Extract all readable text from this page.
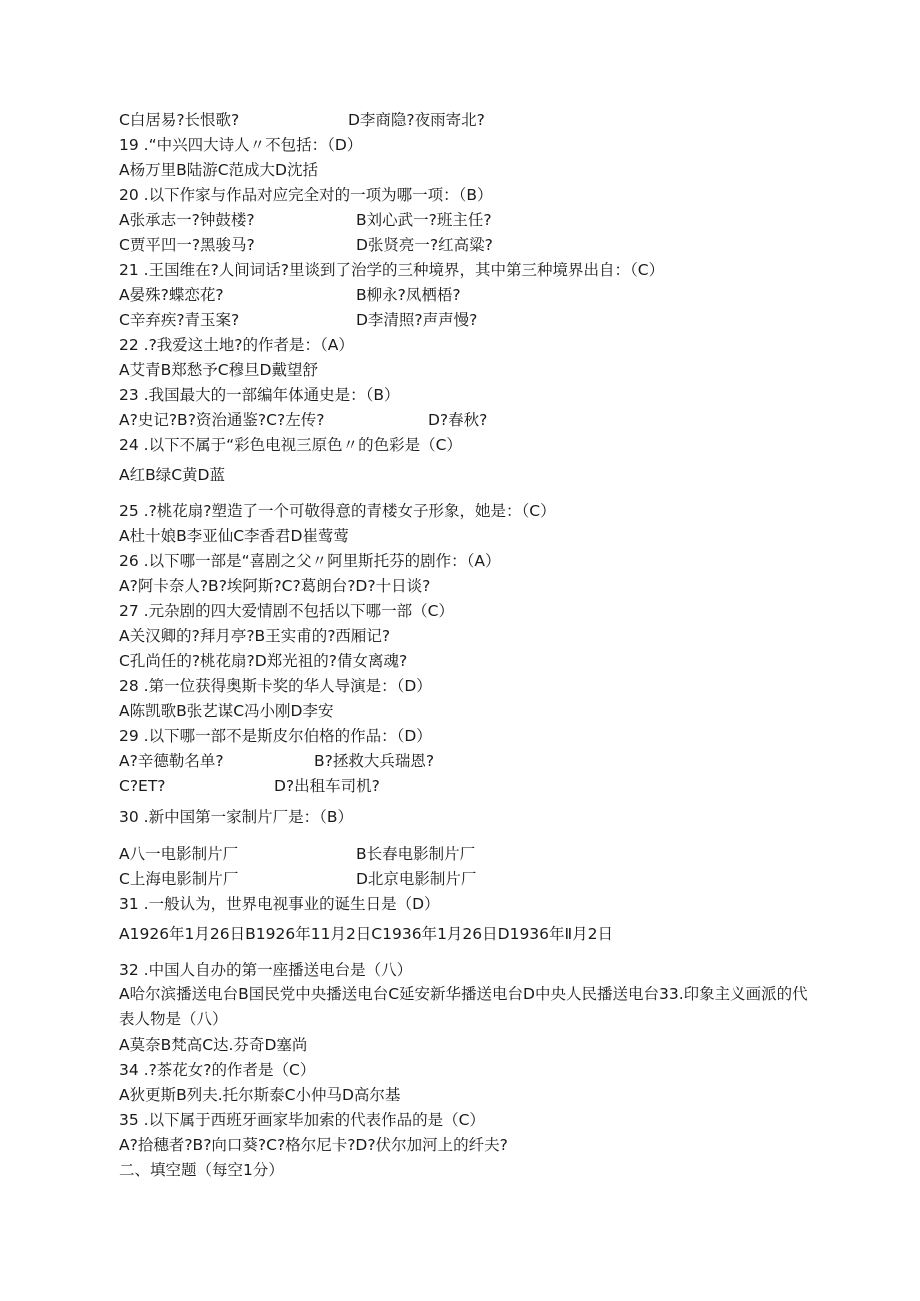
C白居易?长恨歌?	D李商隐?夜雨寄北?
19 .“中兴四大诗人〃不包括：（D）
A杨万里B陆游C范成大D沈括
20 .以下作家与作品对应完全对的一项为哪一项：（B）
A张承志一?钟鼓楼?	B刘心武一?班主任?
C贾平凹一?黑骏马?	D张贤亮一?红高粱?
21 .王国维在?人间词话?里谈到了治学的三种境界，其中第三种境界出自：（C）
A晏殊?蝶恋花?	B柳永?凤栖梧?
C辛弃疾?青玉案?	D李清照?声声慢?
22 .?我爱这土地?的作者是：（A）
A艾青B郑愁予C穆旦D戴望舒
23 .我国最大的一部编年体通史是：（B）
A?史记?B?资治通鉴?C?左传?	D?春秋?
24 .以下不属于“彩色电视三原色〃的色彩是（C）
A红B绿C黄D蓝
25 .?桃花扇?塑造了一个可敬得意的青楼女子形象，她是：（C）
A杜十娘B李亚仙C李香君D崔莺莺
26 .以下哪一部是“喜剧之父〃阿里斯托芬的剧作：（A）
A?阿卡奈人?B?埃阿斯?C?葛朗台?D?十日谈?
27 .元杂剧的四大爱情剧不包括以下哪一部（C）
A关汉卿的?拜月亭?B王实甫的?西厢记?
C孔尚任的?桃花扇?D郑光祖的?倩女离魂?
28 .第一位获得奥斯卡奖的华人导演是：（D）
A陈凯歌B张艺谋C冯小刚D李安
29 .以下哪一部不是斯皮尔伯格的作品：（D）
A?辛德勒名单?	B?拯救大兵瑞恩?
C?ET?	D?出租车司机?
30 .新中国第一家制片厂是：（B）
A八一电影制片厂	B长春电影制片厂
C上海电影制片厂	D北京电影制片厂
31 .一般认为，世界电视事业的诞生日是（D）
A1926年1月26日B1926年11月2日C1936年1月26日D1936年Ⅱ月2日
32 .中国人自办的第一座播送电台是（八）
A哈尔滨播送电台B国民党中央播送电台C延安新华播送电台D中央人民播送电台33.印象主义画派的代表人物是（八）
A莫奈B梵高C达.芬奇D塞尚
34 .?茶花女?的作者是（C）
A狄更斯B列夫.托尔斯泰C小仲马D高尔基
35 .以下属于西班牙画家毕加索的代表作品的是（C）
A?拾穗者?B?向口葵?C?格尔尼卡?D?伏尔加河上的纤夫?
二、填空题（每空1分）
